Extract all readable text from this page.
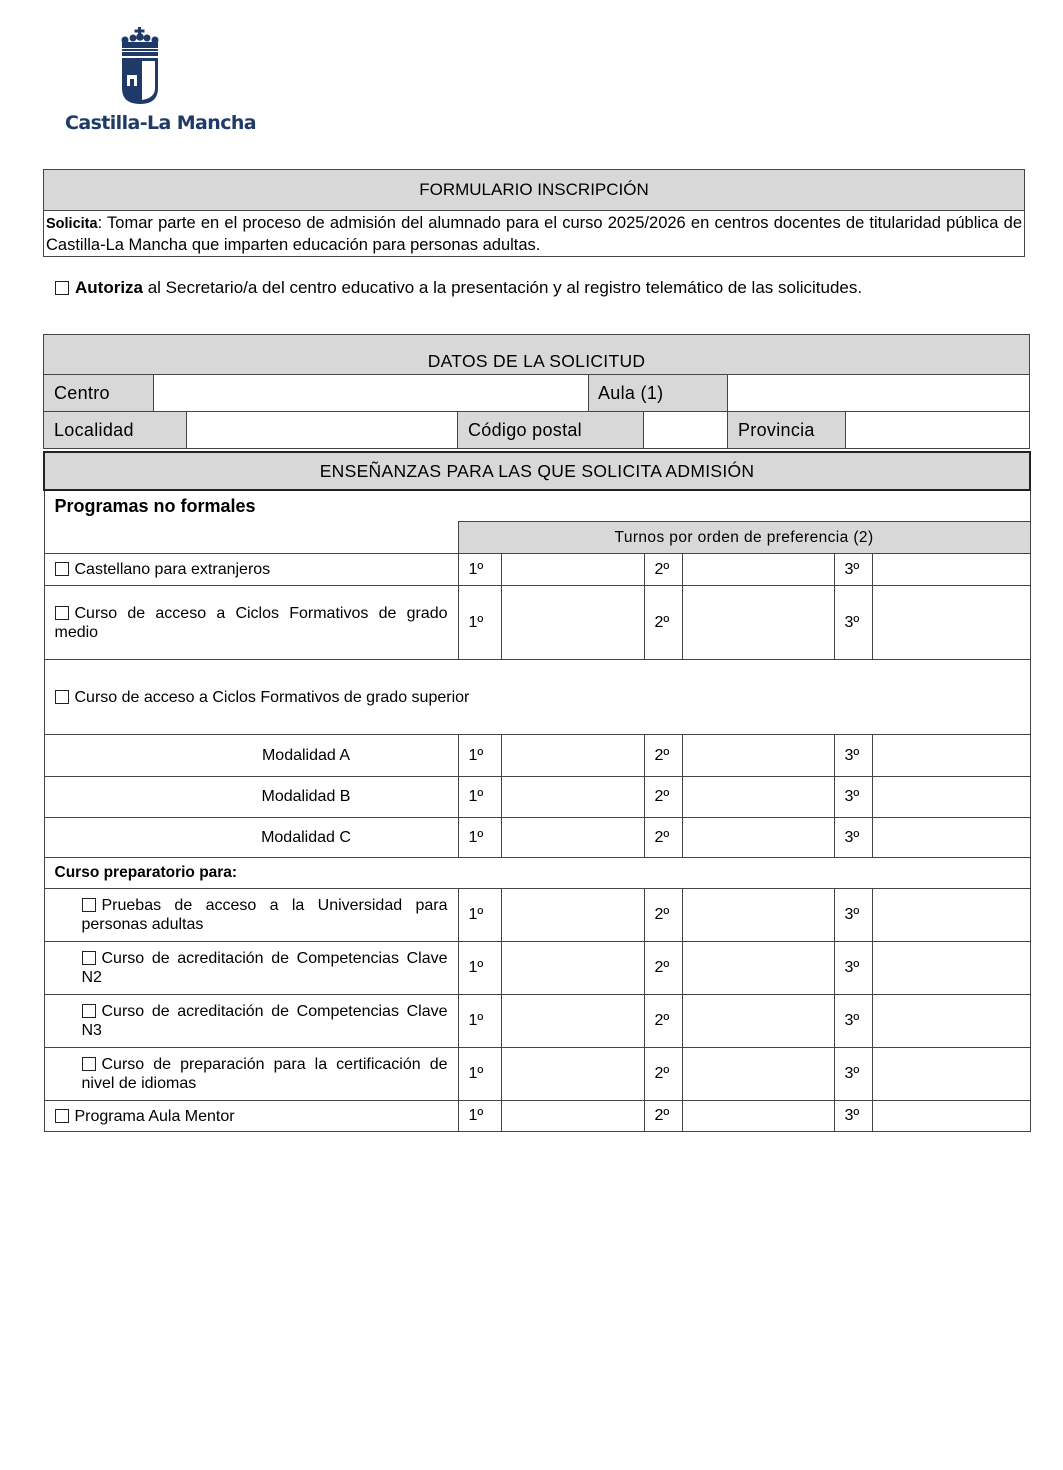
Castilla-La Mancha
FORMULARIO INSCRIPCIÓN
Solicita: Tomar parte en el proceso de admisión del alumnado para el curso 2025/2026 en centros docentes de titularidad pública de Castilla-La Mancha que imparten educación para personas adultas.
Autoriza al Secretario/a del centro educativo a la presentación y al registro telemático de las solicitudes.
DATOS DE LA SOLICITUD							
Centro				Aula (1)			
Localidad			Código postal			Provincia	
ENSEÑANZAS PARA LAS QUE SOLICITA ADMISIÓN						
Programas no formales						
	Turnos por orden de preferencia (2)					
Castellano para extranjeros	1º		2º		3º	
Curso de acceso a Ciclos Formativos de grado medio	1º		2º		3º	
Curso de acceso a Ciclos Formativos de grado superior						
Modalidad A	1º		2º		3º	
Modalidad B	1º		2º		3º	
Modalidad C	1º		2º		3º	
Curso preparatorio para:						
Pruebas de acceso a la Universidad para personas adultas	1º		2º		3º	
Curso de acreditación de Competencias Clave N2	1º		2º		3º	
Curso de acreditación de Competencias Clave N3	1º		2º		3º	
Curso de preparación para la certificación de nivel de idiomas	1º		2º		3º	
Programa Aula Mentor	1º		2º		3º	
